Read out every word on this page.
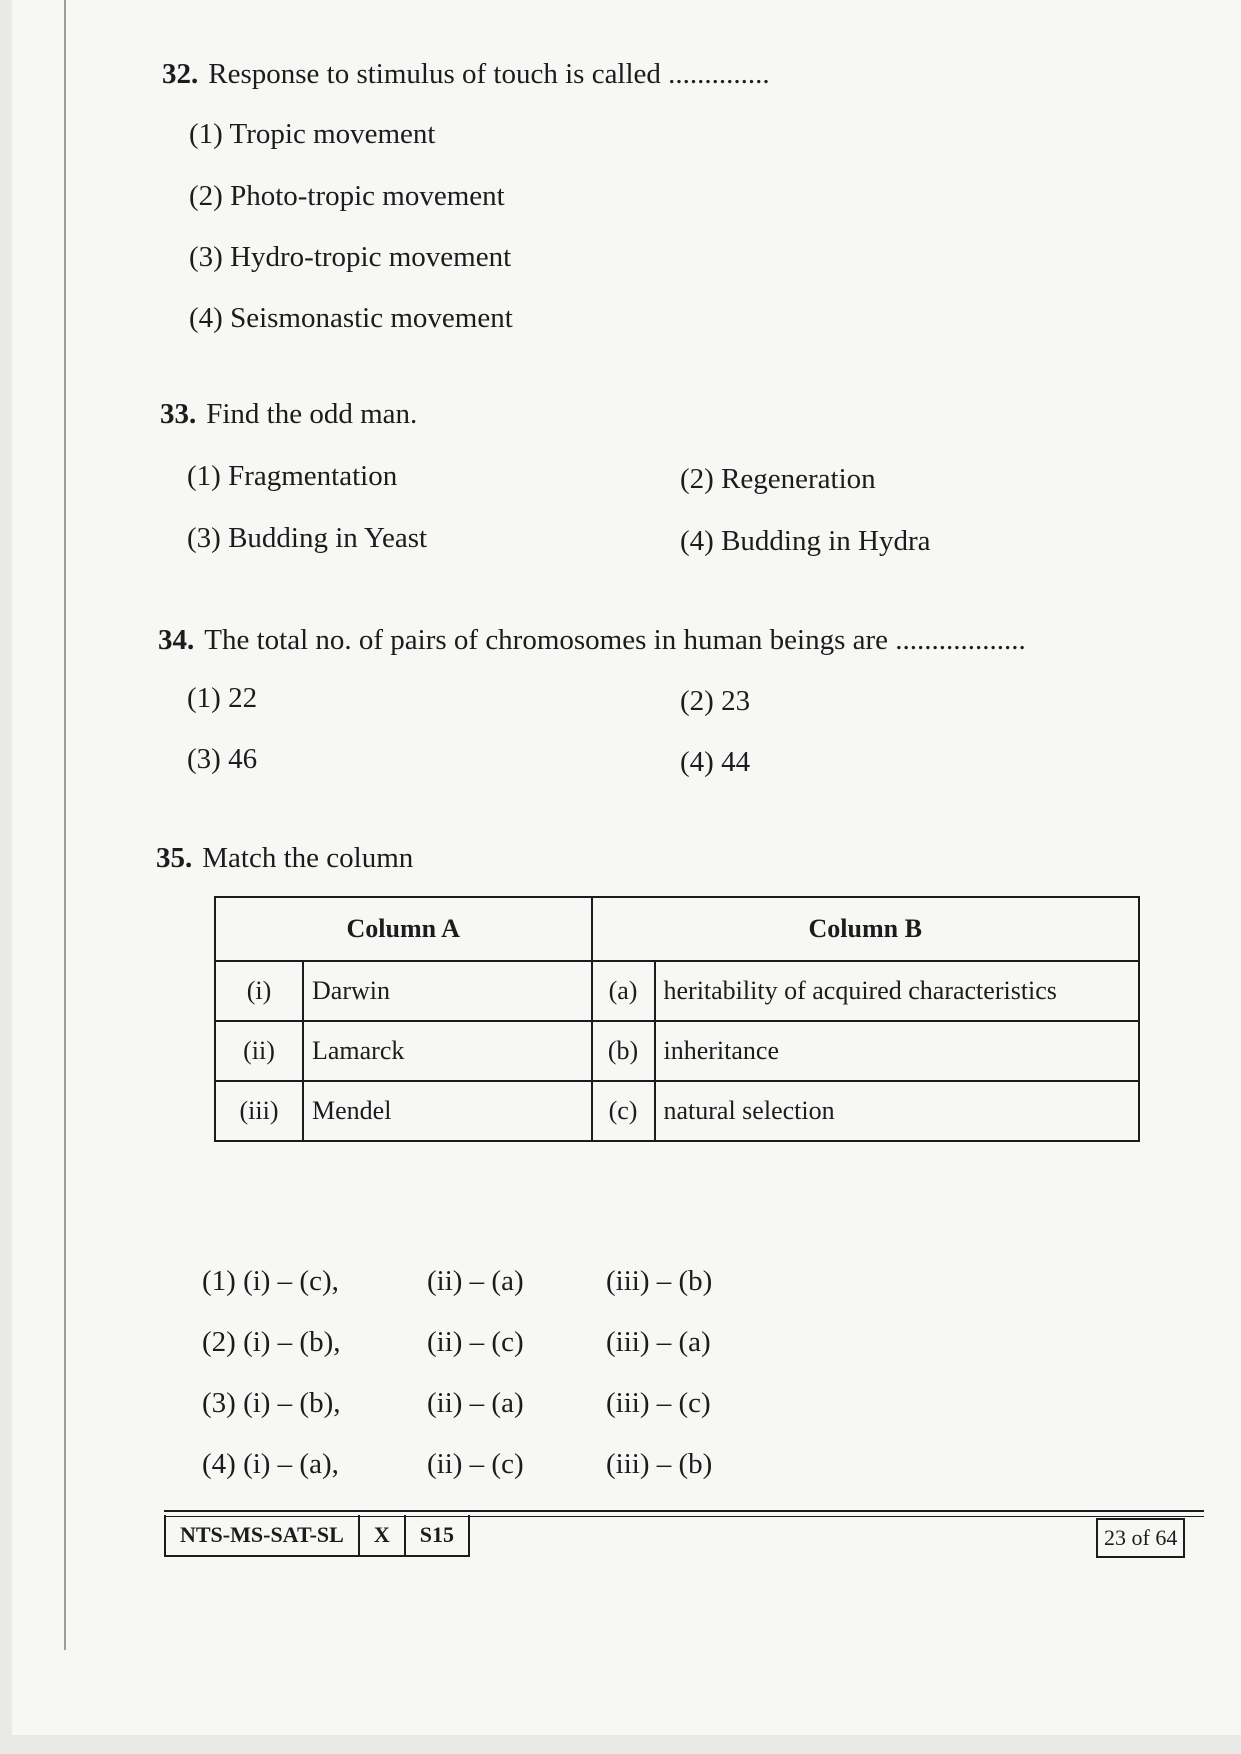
32. Response to stimulus of touch is called ..............
(1) Tropic movement
(2) Photo-tropic movement
(3) Hydro-tropic movement
(4) Seismonastic movement
33. Find the odd man.
(1) Fragmentation	(2) Regeneration
(3) Budding in Yeast	(4) Budding in Hydra
34. The total no. of pairs of chromosomes in human beings are ..................
(1) 22	(2) 23
(3) 46	(4) 44
35. Match the column
Column A		Column B	
(i)	Darwin	(a)	heritability of acquired characteristics
(ii)	Lamarck	(b)	inheritance
(iii)	Mendel	(c)	natural selection
(1) (i) – (c),	(ii) – (a)	(iii) – (b)
(2) (i) – (b),	(ii) – (c)	(iii) – (a)
(3) (i) – (b),	(ii) – (a)	(iii) – (c)
(4) (i) – (a),	(ii) – (c)	(iii) – (b)
NTS-MS-SAT-SL	X	S15	23 of 64
